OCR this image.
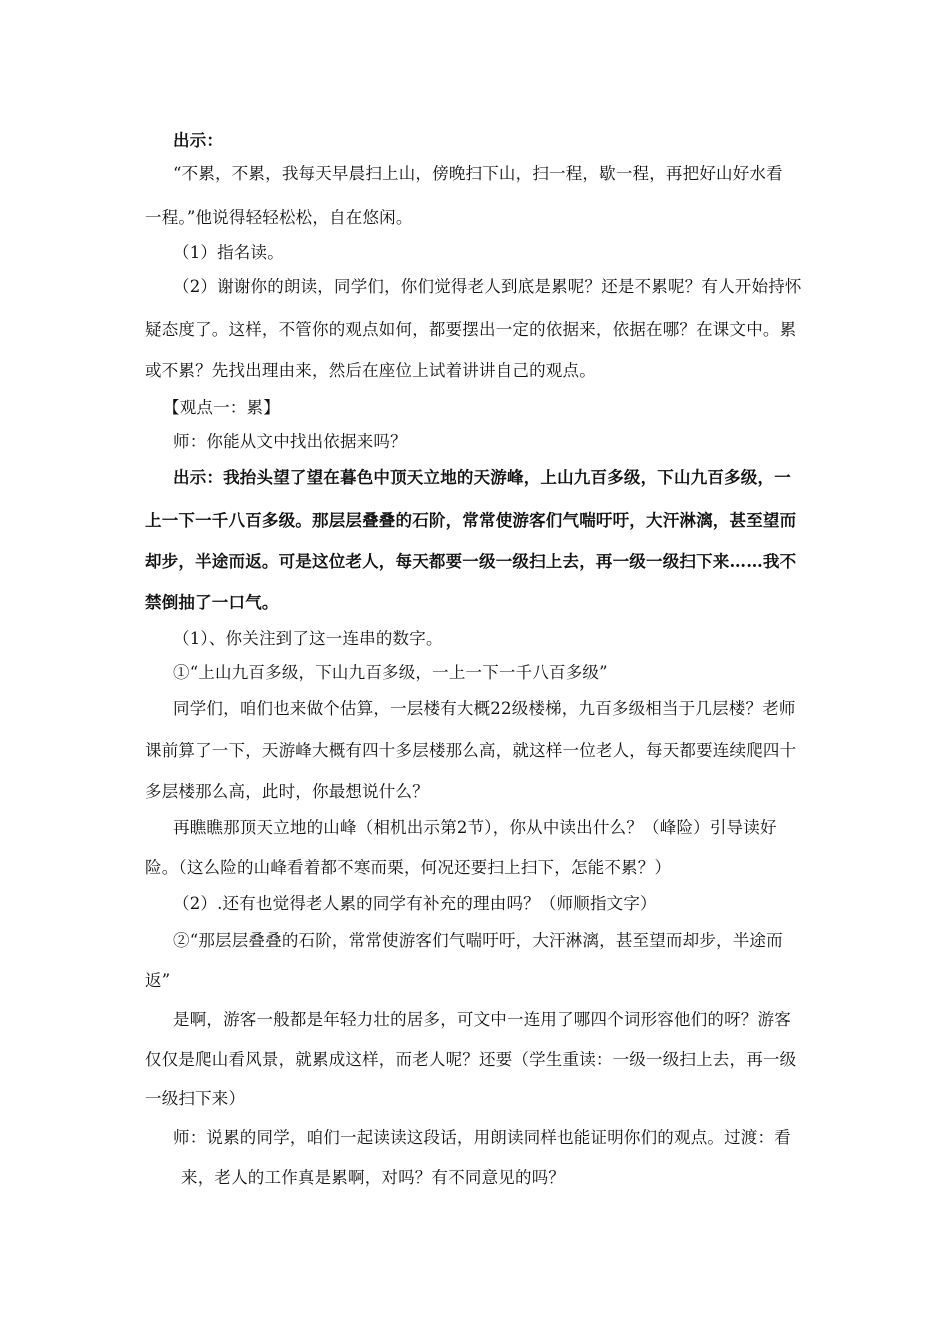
出示：
“不累，不累，我每天早晨扫上山，傍晚扫下山，扫一程，歇一程，再把好山好水看
一程。”他说得轻轻松松，自在悠闲。
（1）指名读。
（2）谢谢你的朗读，同学们，你们觉得老人到底是累呢？还是不累呢？有人开始持怀
疑态度了。这样，不管你的观点如何，都要摆出一定的依据来，依据在哪？在课文中。累
或不累？先找出理由来，然后在座位上试着讲讲自己的观点。
【观点一：累】
师：你能从文中找出依据来吗？
出示：我抬头望了望在暮色中顶天立地的天游峰，上山九百多级，下山九百多级，一
上一下一千八百多级。那层层叠叠的石阶，常常使游客们气喘吁吁，大汗淋漓，甚至望而
却步，半途而返。可是这位老人，每天都要一级一级扫上去，再一级一级扫下来……我不
禁倒抽了一口气。
（1）、你关注到了这一连串的数字。
①“上山九百多级，下山九百多级，一上一下一千八百多级”
同学们，咱们也来做个估算，一层楼有大概22级楼梯，九百多级相当于几层楼？老师
课前算了一下，天游峰大概有四十多层楼那么高，就这样一位老人，每天都要连续爬四十
多层楼那么高，此时，你最想说什么？
再瞧瞧那顶天立地的山峰（相机出示第2节），你从中读出什么？（峰险）引导读好
险。（这么险的山峰看着都不寒而栗，何况还要扫上扫下，怎能不累？）
（2）.还有也觉得老人累的同学有补充的理由吗？（师顺指文字）
②“那层层叠叠的石阶，常常使游客们气喘吁吁，大汗淋漓，甚至望而却步，半途而
返”
是啊，游客一般都是年轻力壮的居多，可文中一连用了哪四个词形容他们的呀？游客
仅仅是爬山看风景，就累成这样，而老人呢？还要（学生重读：一级一级扫上去，再一级
一级扫下来）
师：说累的同学，咱们一起读读这段话，用朗读同样也能证明你们的观点。过渡：看
来，老人的工作真是累啊，对吗？有不同意见的吗？
